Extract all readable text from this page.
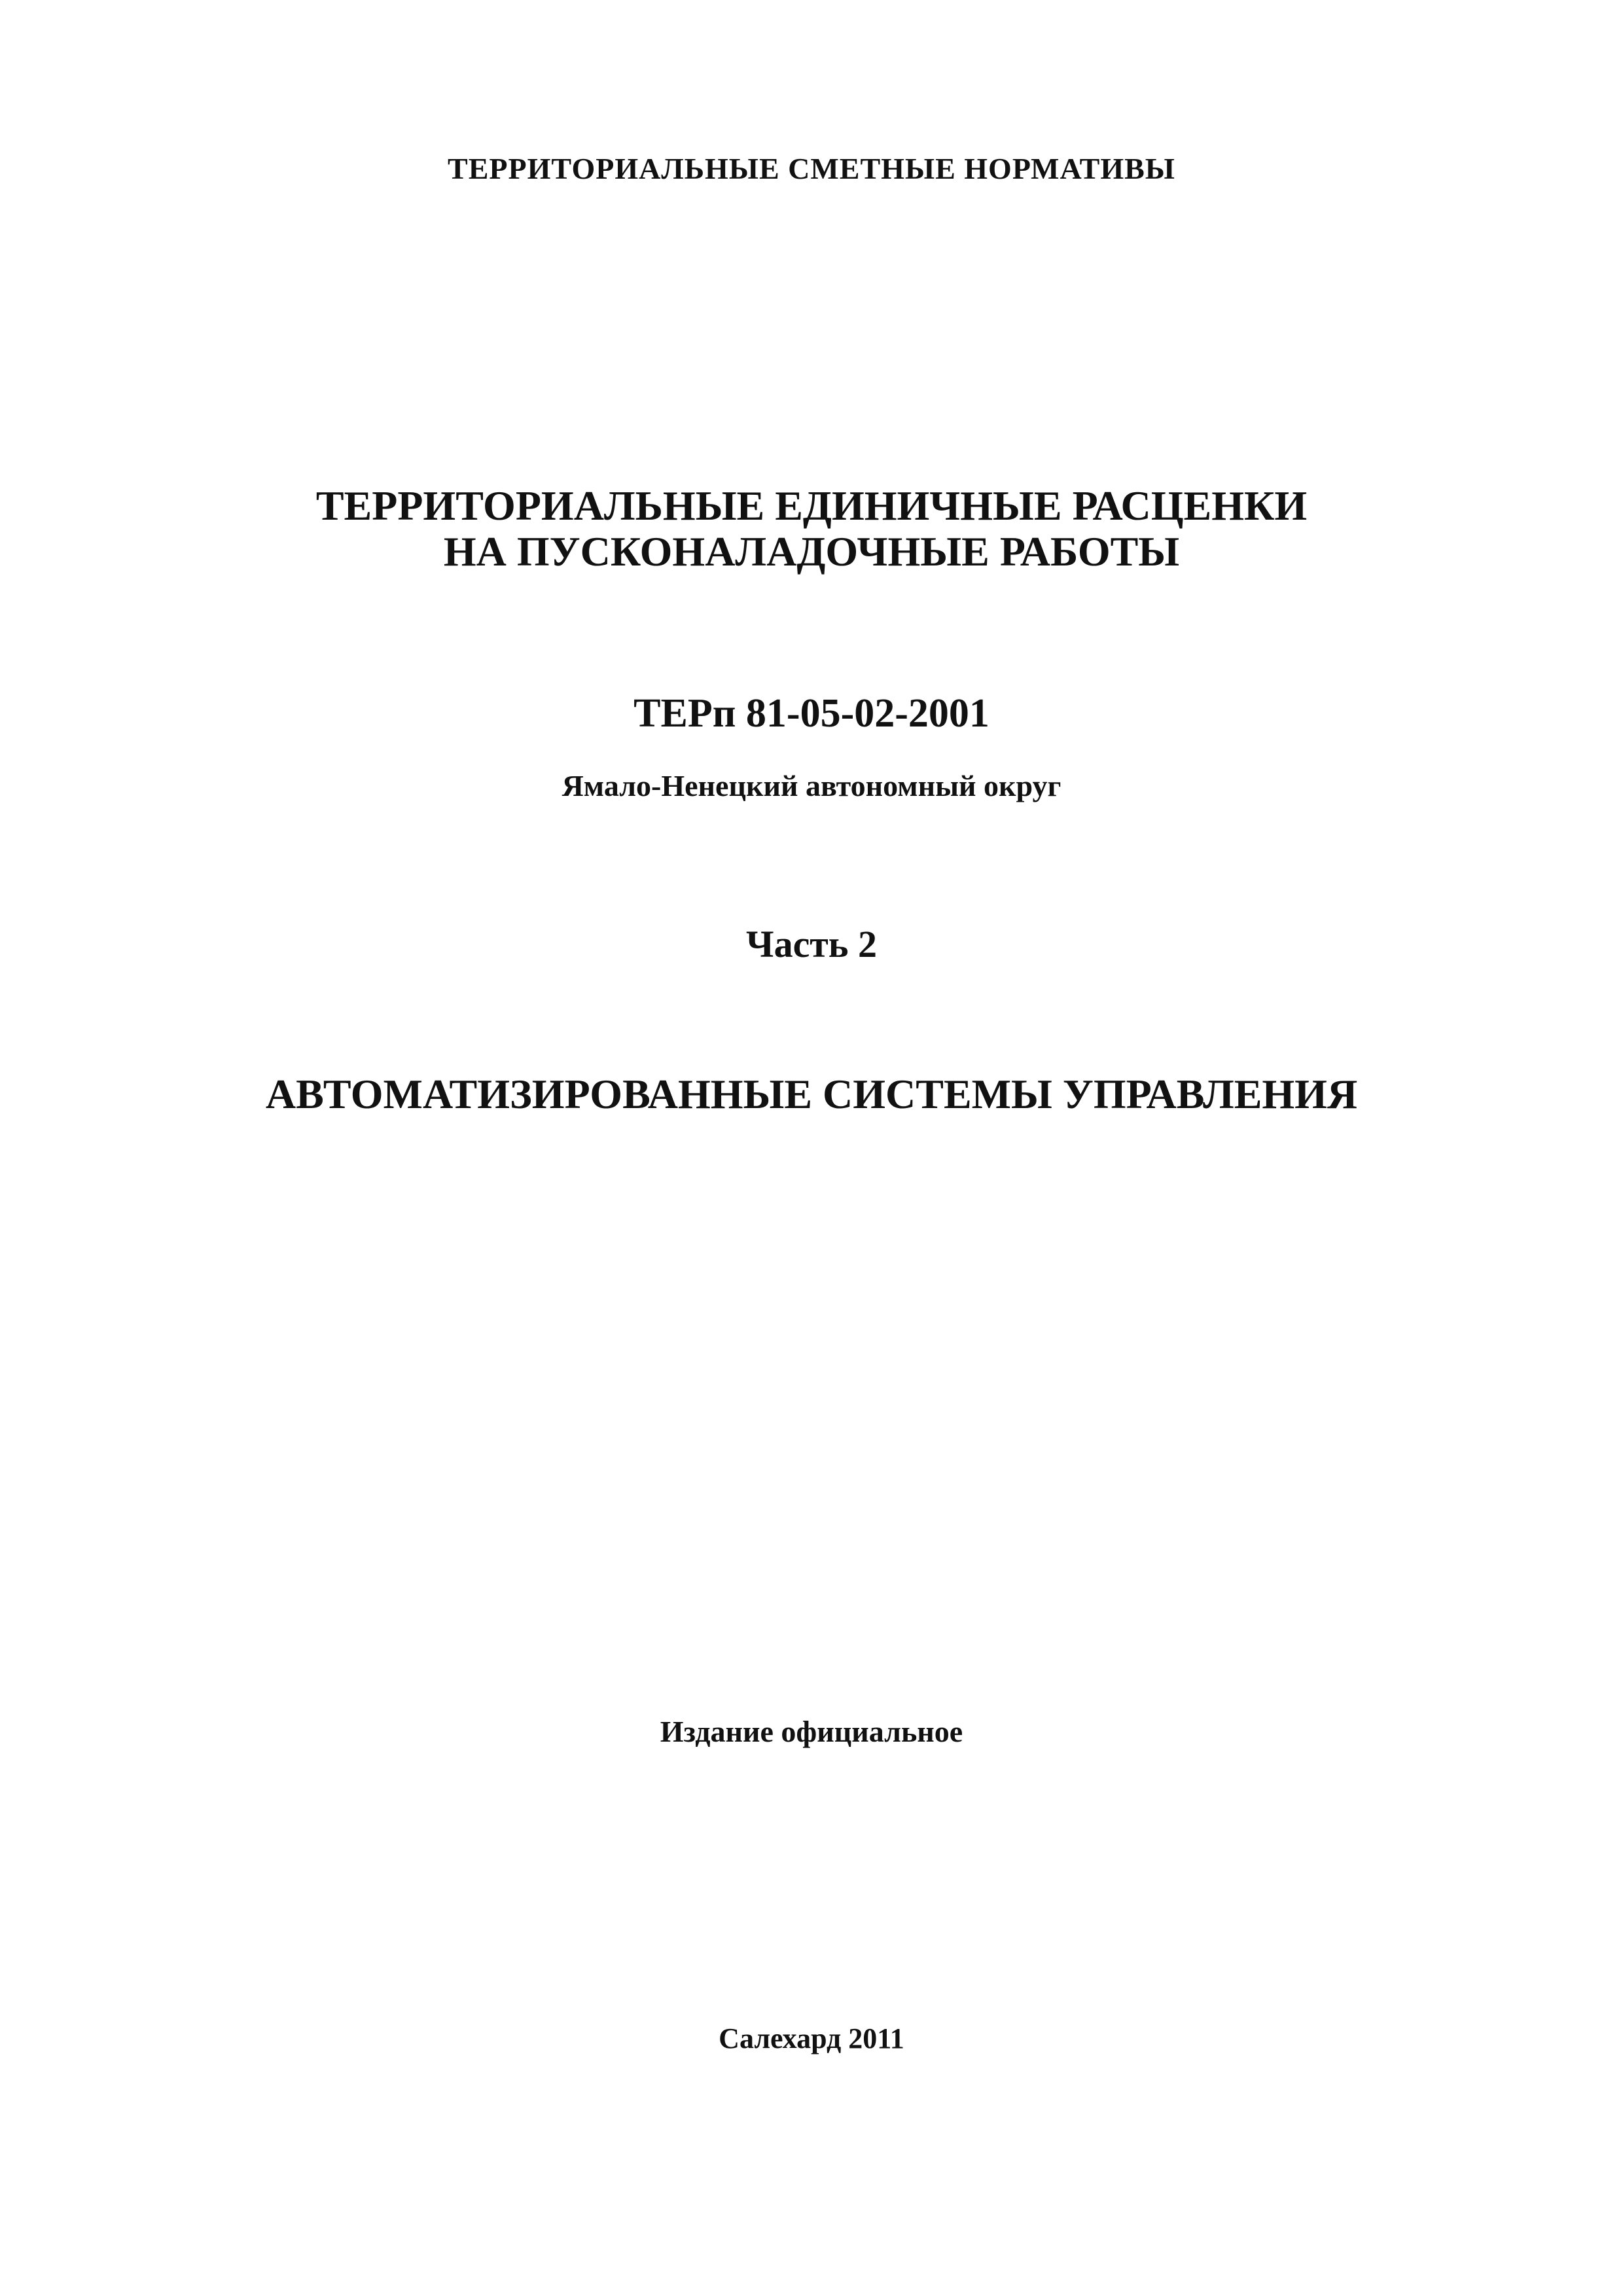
ТЕРРИТОРИАЛЬНЫЕ СМЕТНЫЕ НОРМАТИВЫ
ТЕРРИТОРИАЛЬНЫЕ ЕДИНИЧНЫЕ РАСЦЕНКИ
НА ПУСКОНАЛАДОЧНЫЕ РАБОТЫ
ТЕРп 81-05-02-2001
Ямало-Ненецкий автономный округ
Часть 2
АВТОМАТИЗИРОВАННЫЕ СИСТЕМЫ УПРАВЛЕНИЯ
Издание официальное
Салехард 2011
